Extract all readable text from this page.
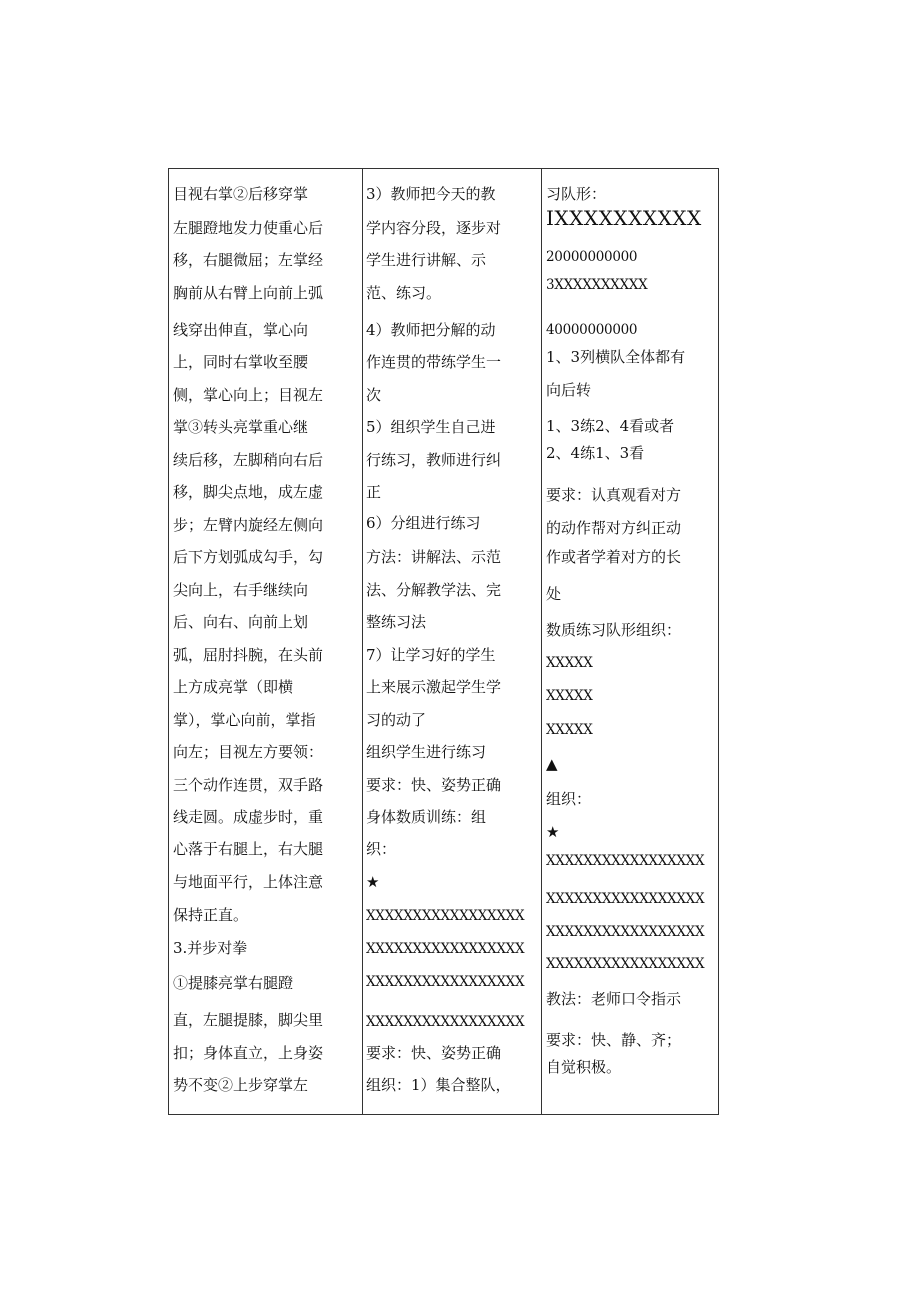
目视右掌②后移穿掌
左腿蹬地发力使重心后
移，右腿微屈；左掌经
胸前从右臂上向前上弧
线穿出伸直，掌心向
上，同时右掌收至腰
侧，掌心向上；目视左
掌③转头亮掌重心继
续后移，左脚稍向右后
移，脚尖点地，成左虚
步；左臂内旋经左侧向
后下方划弧成勾手，勾
尖向上，右手继续向
后、向右、向前上划
弧，屈肘抖腕，在头前
上方成亮掌（即横
掌），掌心向前，掌指
向左；目视左方要领：
三个动作连贯，双手路
线走圆。成虚步时，重
心落于右腿上，右大腿
与地面平行，上体注意
保持正直。
3.并步对拳
①提膝亮掌右腿蹬
直，左腿提膝，脚尖里
扣；身体直立，上身姿
势不变②上步穿掌左
3）教师把今天的教
学内容分段，逐步对
学生进行讲解、示
范、练习。
4）教师把分解的动
作连贯的带练学生一
次
5）组织学生自己进
行练习，教师进行纠
正
6）分组进行练习
方法：讲解法、示范
法、分解教学法、完
整练习法
7）让学习好的学生
上来展示激起学生学
习的动了
组织学生进行练习
要求：快、姿势正确
身体数质训练：组
织：
★
XXXXXXXXXXXXXXXXX
XXXXXXXXXXXXXXXXX
XXXXXXXXXXXXXXXXX
XXXXXXXXXXXXXXXXX
要求：快、姿势正确
组织：1）集合整队，
习队形：
IXXXXXXXXXX
20000000000
3XXXXXXXXXX
40000000000
1、3列横队全体都有
向后转
1、3练2、4看或者
2、4练1、3看
要求：认真观看对方
的动作帮对方纠正动
作或者学着对方的长
处
数质练习队形组织：
XXXXX
XXXXX
XXXXX
▲
组织：
★
XXXXXXXXXXXXXXXXX
XXXXXXXXXXXXXXXXX
XXXXXXXXXXXXXXXXX
XXXXXXXXXXXXXXXXX
教法：老师口令指示
要求：快、静、齐；
自觉积极。
